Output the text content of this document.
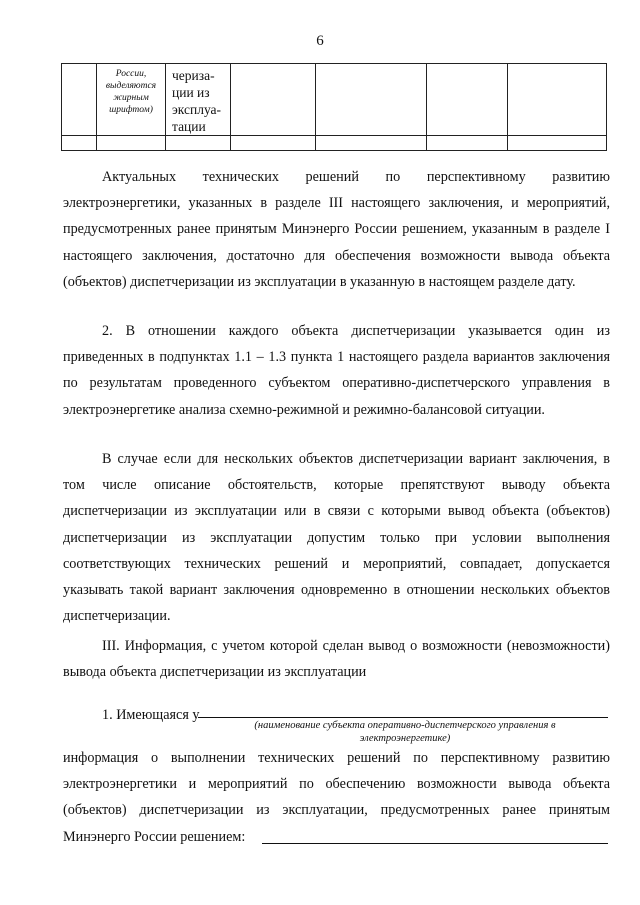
6
	России, выделяются жирным шрифтом)	чериза-
ции из
эксплуа-
тации				

Актуальных технических решений по перспективному развитию электроэнергетики, указанных в разделе III настоящего заключения, и мероприятий, предусмотренных ранее принятым Минэнерго России решением, указанным в разделе I настоящего заключения, достаточно для обеспечения возможности вывода объекта (объектов) диспетчеризации из эксплуатации в указанную в настоящем разделе дату.

2. В отношении каждого объекта диспетчеризации указывается один из приведенных в подпунктах 1.1 – 1.3 пункта 1 настоящего раздела вариантов заключения по результатам проведенного субъектом оперативно-диспетчерского управления в электроэнергетике анализа схемно-режимной и режимно-балансовой ситуации.

В случае если для нескольких объектов диспетчеризации вариант заключения, в том числе описание обстоятельств, которые препятствуют выводу объекта диспетчеризации из эксплуатации или в связи с которыми вывод объекта (объектов) диспетчеризации из эксплуатации допустим только при условии выполнения соответствующих технических решений и мероприятий, совпадает, допускается указывать такой вариант заключения одновременно в отношении нескольких объектов диспетчеризации.

III. Информация, с учетом которой сделан вывод о возможности (невозможности) вывода объекта диспетчеризации из эксплуатации

1. Имеющаяся у
(наименование субъекта оперативно-диспетчерского управления в электроэнергетике)

информация о выполнении технических решений по перспективному развитию электроэнергетики и мероприятий по обеспечению возможности вывода объекта (объектов) диспетчеризации из эксплуатации, предусмотренных ранее принятым Минэнерго России решением:
